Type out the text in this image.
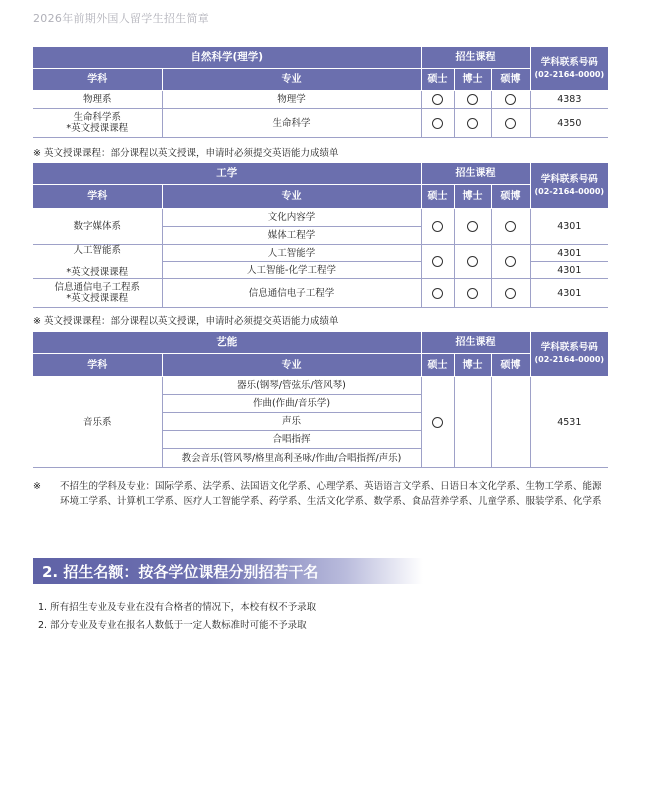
2026年前期外国人留学生招生简章
自然科学(理学)		招生课程			学科联系号码
(02-2164-0000)
学科	专业	硕士	博士	硕博	
物理系	物理学				4383
生命科学系
*英文授课课程	生命科学				4350
※ 英文授课课程：部分课程以英文授课，申请时必须提交英语能力成绩单
工学		招生课程			学科联系号码
(02-2164-0000)
学科	专业	硕士	博士	硕博	
数字媒体系	文化内容学				4301
	媒体工程学				
人工智能系

*英文授课课程	人工智能学				4301
	人工智能-化学工程学				4301
信息通信电子工程系
*英文授课课程	信息通信电子工程学				4301
※ 英文授课课程：部分课程以英文授课，申请时必须提交英语能力成绩单
艺能		招生课程			学科联系号码
(02-2164-0000)
学科	专业	硕士	博士	硕博	
音乐系	器乐(钢琴/管弦乐/管风琴)				4531
	作曲(作曲/音乐学)				
	声乐				
	合唱指挥				
	教会音乐(管风琴/格里高利圣咏/作曲/合唱指挥/声乐)				
※ 不招生的学科及专业：国际学系、法学系、法国语文化学系、心理学系、英语语言文学系、日语日本文化学系、生物工学系、能源环境工学系、计算机工学系、医疗人工智能学系、药学系、生活文化学系、数学系、食品营养学系、儿童学系、服装学系、化学系
2. 招生名额：按各学位课程分别招若干名
1. 所有招生专业及专业在没有合格者的情况下，本校有权不予录取
2. 部分专业及专业在报名人数低于一定人数标准时可能不予录取
